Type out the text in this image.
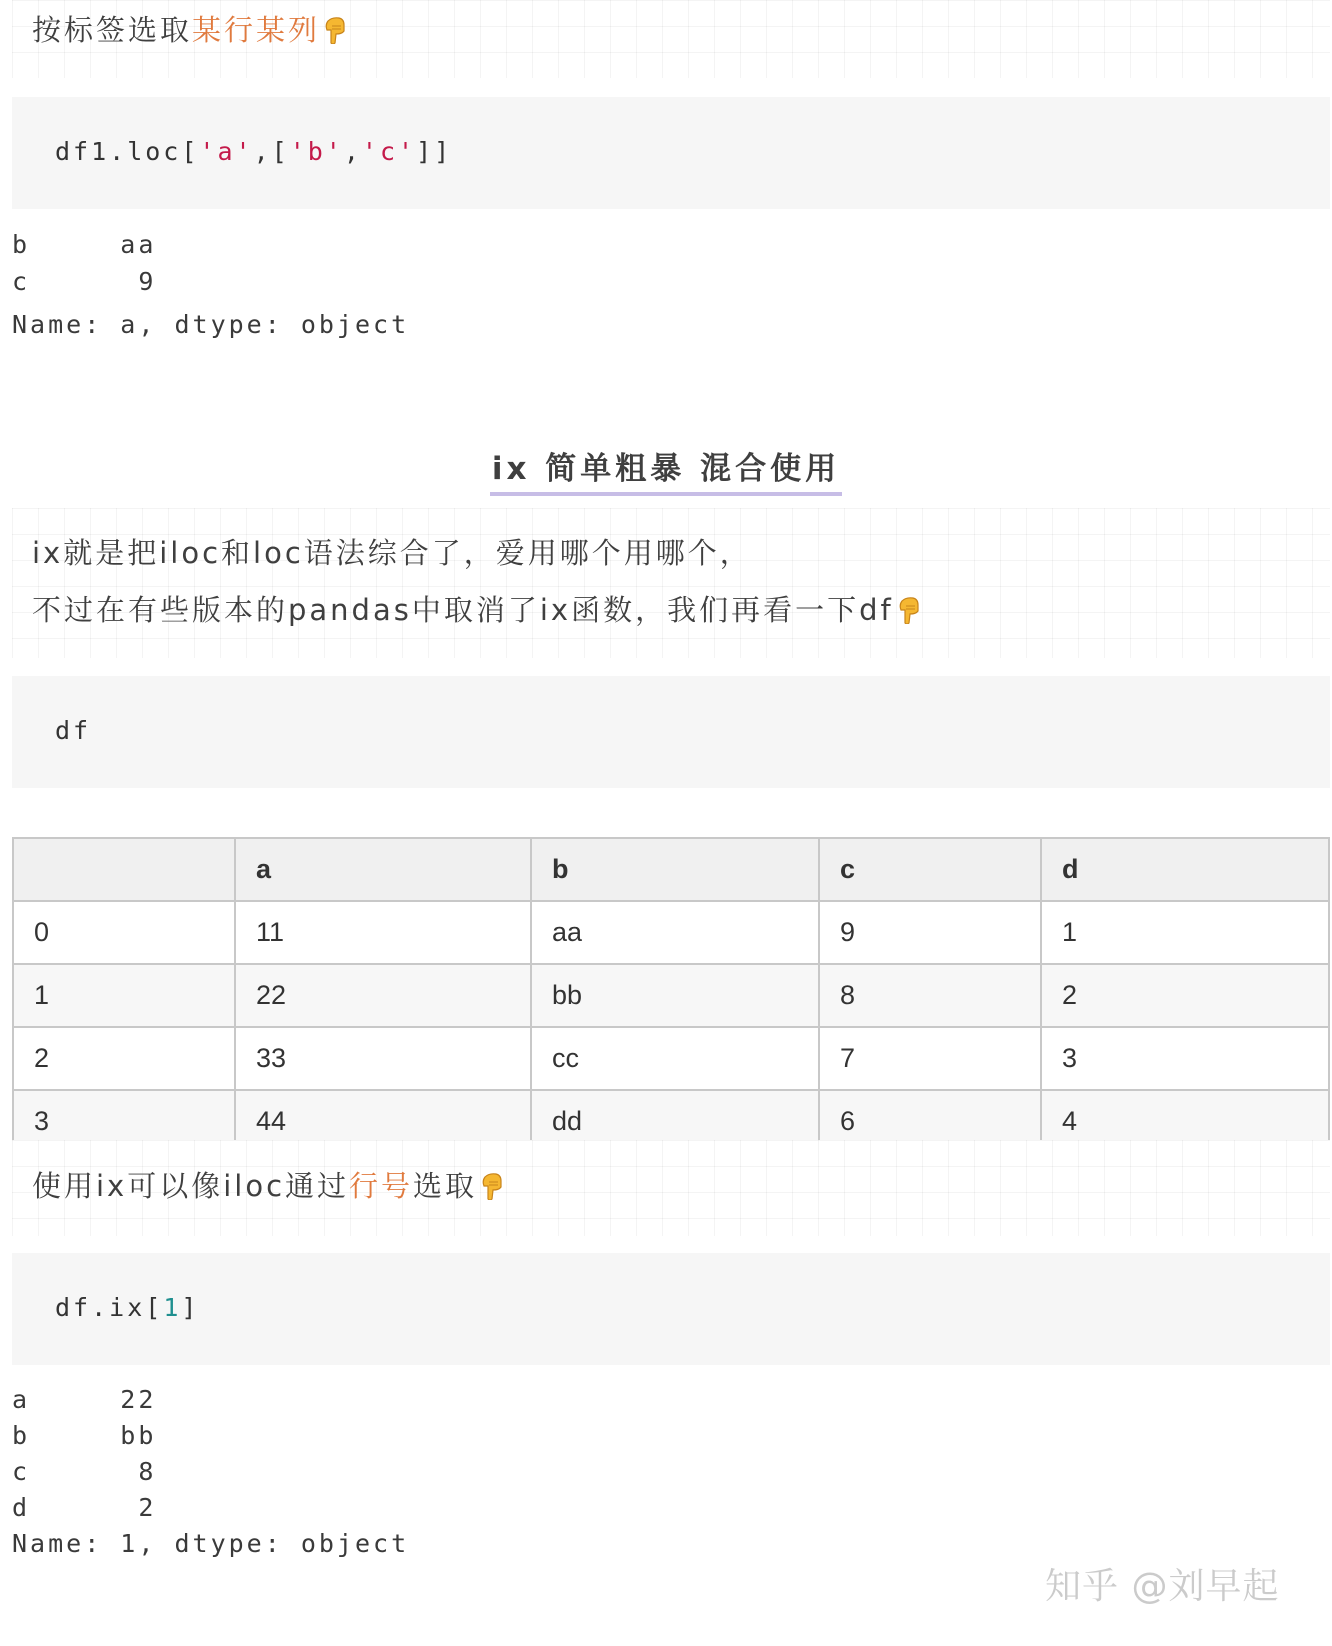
按标签选取某行某列
df1.loc['a',['b','c']]
b     aa
c      9
Name: a, dtype: object
ix 简单粗暴 混合使用
ix就是把iloc和loc语法综合了，爱用哪个用哪个，
不过在有些版本的pandas中取消了ix函数，我们再看一下df
df
	a	b	c	d
0	11	aa	9	1
1	22	bb	8	2
2	33	cc	7	3
3	44	dd	6	4
使用ix可以像iloc通过行号选取
df.ix[1]
a     22
b     bb
c      8
d      2
Name: 1, dtype: object
知乎 @刘早起
